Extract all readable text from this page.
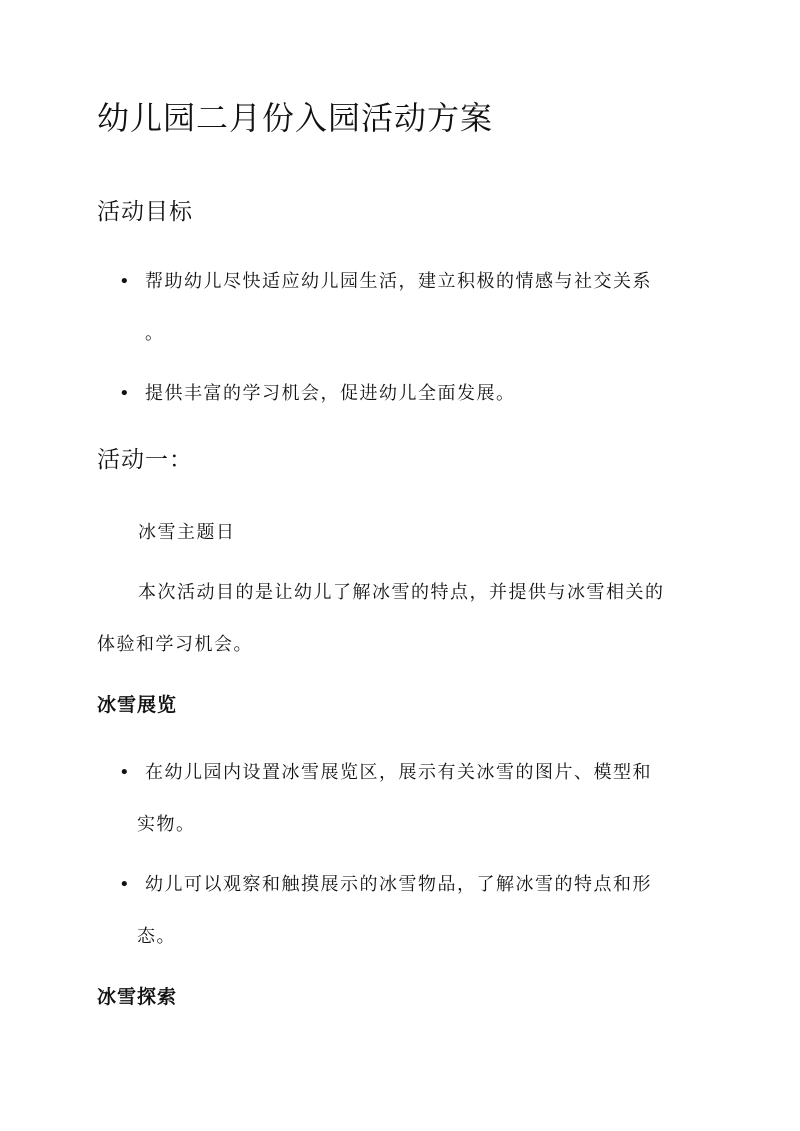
幼儿园二月份入园活动方案
活动目标
• 帮助幼儿尽快适应幼儿园生活，建立积极的情感与社交关系
。
• 提供丰富的学习机会，促进幼儿全面发展。
活动一：

冰雪主题日

本次活动目的是让幼儿了解冰雪的特点，并提供与冰雪相关的

体验和学习机会。

冰雪展览
• 在幼儿园内设置冰雪展览区，展示有关冰雪的图片、模型和
实物。
• 幼儿可以观察和触摸展示的冰雪物品，了解冰雪的特点和形
态。
冰雪探索
